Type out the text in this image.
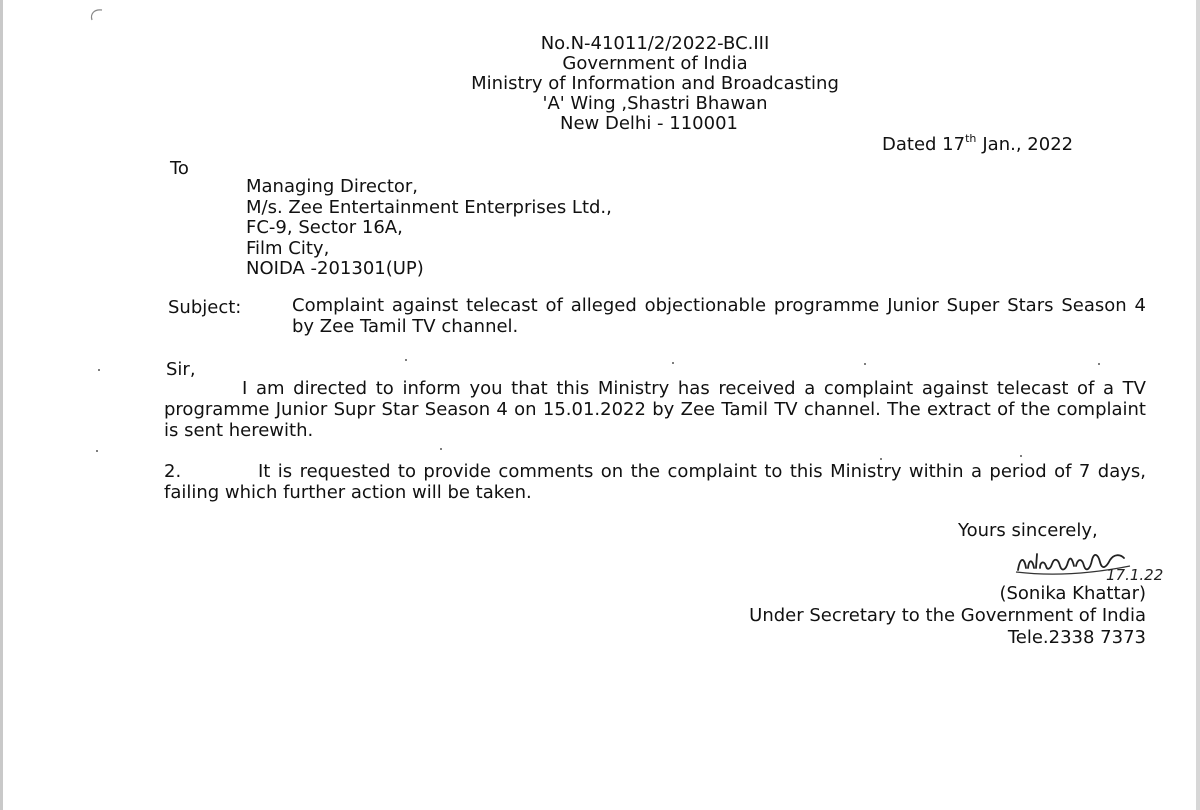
No.N-41011/2/2022-BC.III
Government of India
Ministry of Information and Broadcasting
'A' Wing ,Shastri Bhawan
New Delhi - 110001
Dated 17th Jan., 2022
To
Managing Director,
M/s. Zee Entertainment Enterprises Ltd.,
FC-9, Sector 16A,
Film City,
NOIDA -201301(UP)
Subject:	Complaint against telecast of alleged objectionable programme Junior Super Stars Season 4 by Zee Tamil TV channel.
Sir,
I am directed to inform you that this Ministry has received a complaint against telecast of a TV programme Junior Supr Star Season 4 on 15.01.2022 by Zee Tamil TV channel. The extract of the complaint is sent herewith.
2.	It is requested to provide comments on the complaint to this Ministry within a period of 7 days, failing which further action will be taken.
Yours sincerely,
17.1.22
(Sonika Khattar)
Under Secretary to the Government of India
Tele.2338 7373
